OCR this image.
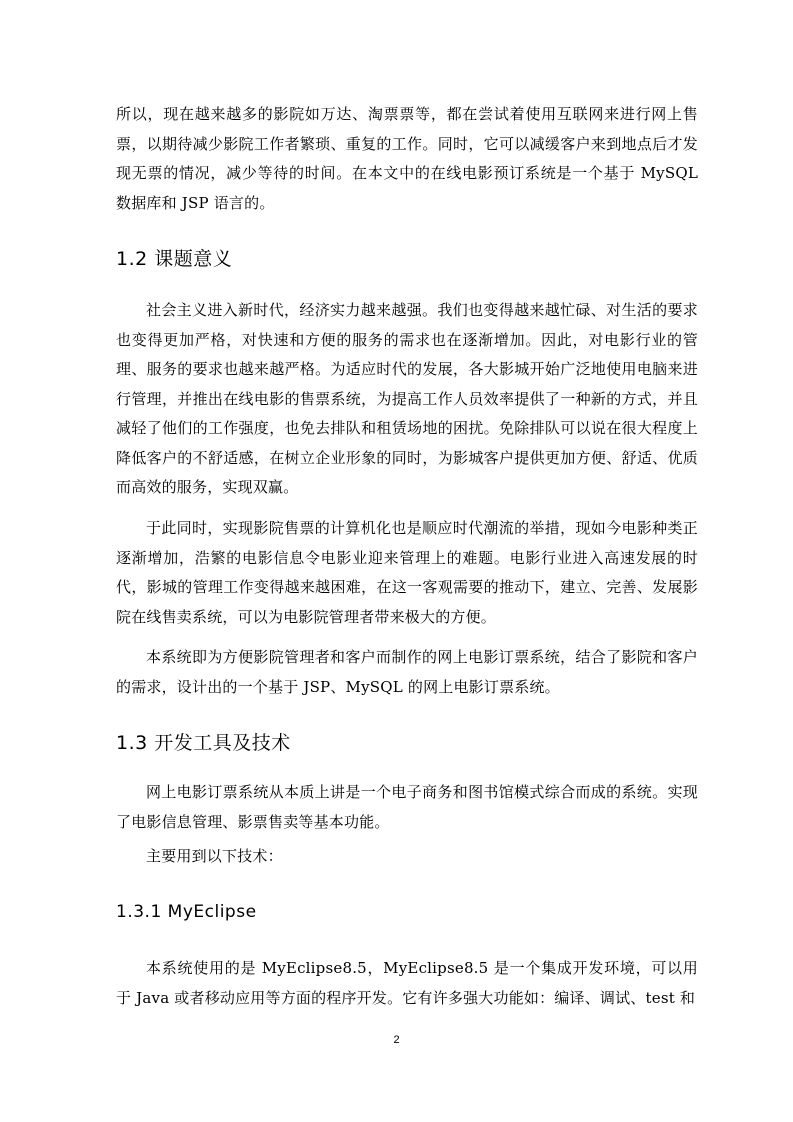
所以，现在越来越多的影院如万达、淘票票等，都在尝试着使用互联网来进行网上售票，以期待减少影院工作者繁琐、重复的工作。同时，它可以减缓客户来到地点后才发现无票的情况，减少等待的时间。在本文中的在线电影预订系统是一个基于 MySQL 数据库和 JSP 语言的。

1.2 课题意义

社会主义进入新时代，经济实力越来越强。我们也变得越来越忙碌、对生活的要求也变得更加严格，对快速和方便的服务的需求也在逐渐增加。因此，对电影行业的管理、服务的要求也越来越严格。为适应时代的发展，各大影城开始广泛地使用电脑来进行管理，并推出在线电影的售票系统，为提高工作人员效率提供了一种新的方式，并且减轻了他们的工作强度，也免去排队和租赁场地的困扰。免除排队可以说在很大程度上降低客户的不舒适感，在树立企业形象的同时，为影城客户提供更加方便、舒适、优质而高效的服务，实现双赢。

于此同时，实现影院售票的计算机化也是顺应时代潮流的举措，现如今电影种类正逐渐增加，浩繁的电影信息令电影业迎来管理上的难题。电影行业进入高速发展的时代，影城的管理工作变得越来越困难，在这一客观需要的推动下，建立、完善、发展影院在线售卖系统，可以为电影院管理者带来极大的方便。

本系统即为方便影院管理者和客户而制作的网上电影订票系统，结合了影院和客户的需求，设计出的一个基于 JSP、MySQL 的网上电影订票系统。

1.3 开发工具及技术

网上电影订票系统从本质上讲是一个电子商务和图书馆模式综合而成的系统。实现了电影信息管理、影票售卖等基本功能。

主要用到以下技术：

1.3.1 MyEclipse

本系统使用的是 MyEclipse8.5，MyEclipse8.5 是一个集成开发环境，可以用于 Java 或者移动应用等方面的程序开发。它有许多强大功能如：编译、调试、test 和

2
